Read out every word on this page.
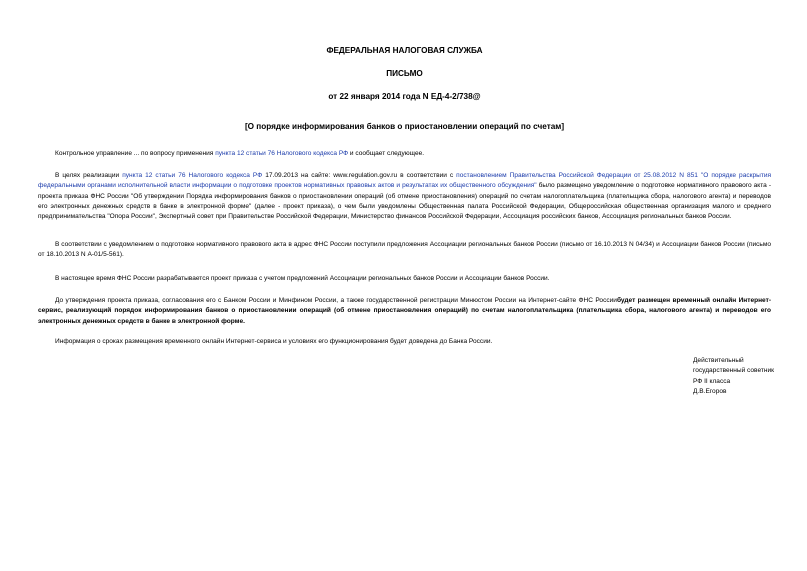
ФЕДЕРАЛЬНАЯ НАЛОГОВАЯ СЛУЖБА
ПИСЬМО
от 22 января 2014 года N ЕД-4-2/738@
[О порядке информирования банков о приостановлении операций по счетам]

Контрольное управление ... по вопросу применения пункта 12 статьи 76 Налогового кодекса РФ и сообщает следующее.

В целях реализации пункта 12 статьи 76 Налогового кодекса РФ 17.09.2013 на сайте: www.regulation.gov.ru в соответствии с постановлением Правительства Российской Федерации от 25.08.2012 N 851 "О порядке раскрытия федеральными органами исполнительной власти информации о подготовке проектов нормативных правовых актов и результатах их общественного обсуждения" было размещено уведомление о подготовке нормативного правового акта - проекта приказа ФНС России "Об утверждении Порядка информирования банков о приостановлении операций (об отмене приостановления) операций по счетам налогоплательщика (плательщика сбора, налогового агента) и переводов его электронных денежных средств в банке в электронной форме" (далее - проект приказа), о чем были уведомлены Общественная палата Российской Федерации, Общероссийская общественная организация малого и среднего предпринимательства "Опора России", Экспертный совет при Правительстве Российской Федерации, Министерство финансов Российской Федерации, Ассоциация российских банков, Ассоциация региональных банков России.

В соответствии с уведомлением о подготовке нормативного правового акта в адрес ФНС России поступили предложения Ассоциации региональных банков России (письмо от 16.10.2013 N 04/34) и Ассоциации банков России (письмо от 18.10.2013 N А-01/5-561).

В настоящее время ФНС России разрабатывается проект приказа с учетом предложений Ассоциации региональных банков России и Ассоциации банков России.

До утверждения проекта приказа, согласования его с Банком России и Минфином России, а также государственной регистрации Минюстом России на Интернет-сайте ФНС Россиибудет размещен временный онлайн Интернет-сервис, реализующий порядок информирования банков о приостановлении операций (об отмене приостановления операций) по счетам налогоплательщика (плательщика сбора, налогового агента) и переводов его электронных денежных средств в банке в электронной форме.

Информация о сроках размещения временного онлайн Интернет-сервиса и условиях его функционирования будет доведена до Банка России.

Действительный
государственный советник
РФ II класса
Д.В.Егоров
